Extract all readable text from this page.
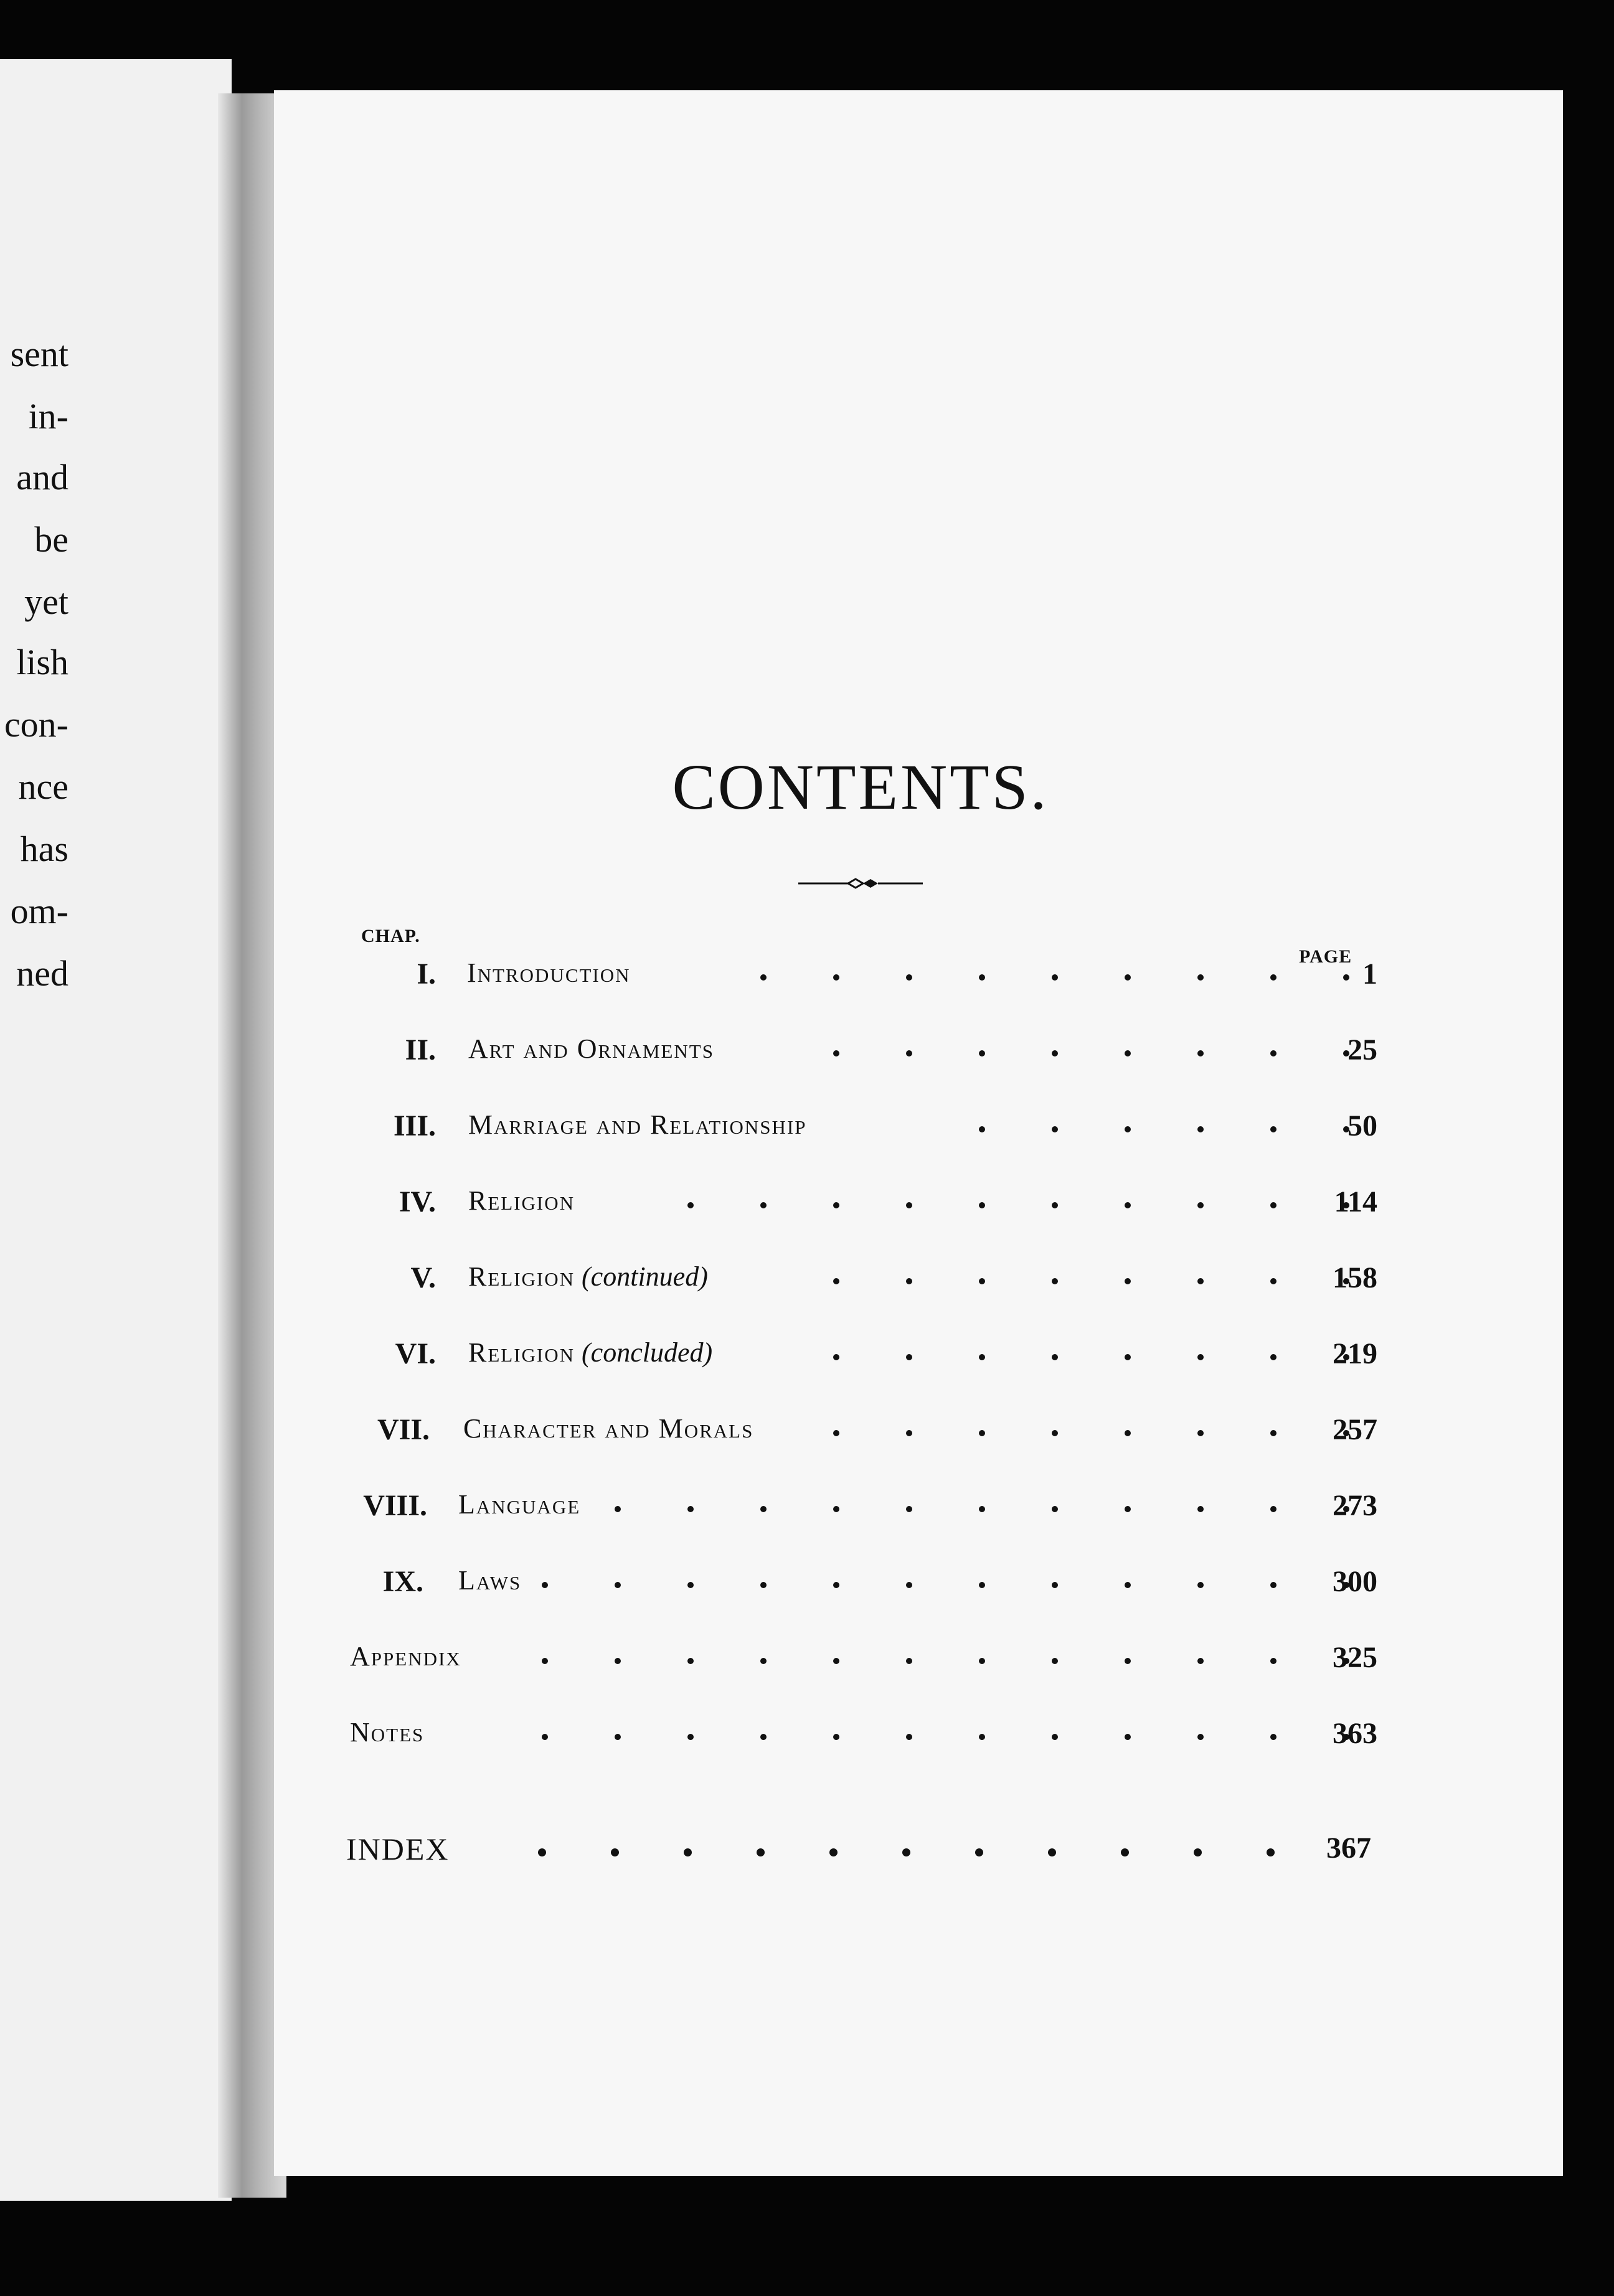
sent
in-
and
be
yet
lish
con-
nce
has
om-
ned
CONTENTS.
CHAP.
PAGE
I. Introduction	1
II. Art and Ornaments	25
III. Marriage and Relationship	50
IV. Religion	114
V. Religion (continued)	158
VI. Religion (concluded)	219
VII. Character and Morals	257
VIII. Language	273
IX. Laws	300
Appendix	325
Notes	363
INDEX	367
